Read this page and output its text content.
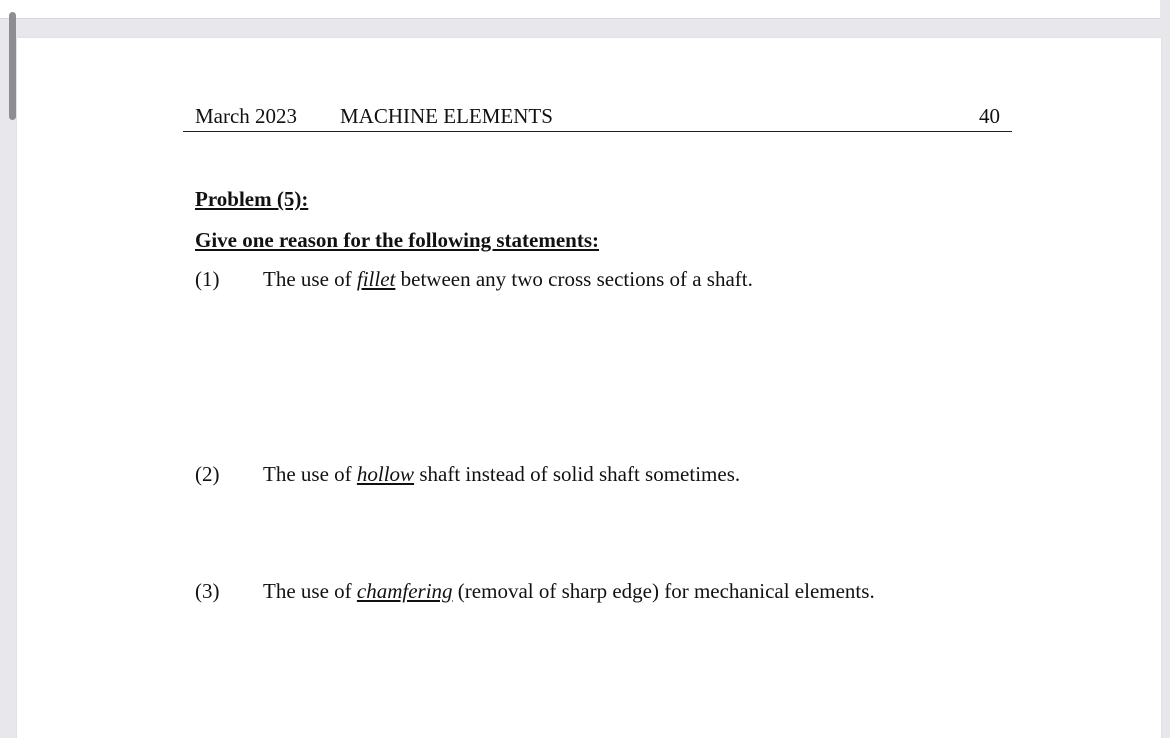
March 2023 MACHINE ELEMENTS	40
Problem (5):
Give one reason for the following statements:
(1) The use of fillet between any two cross sections of a shaft.
(2) The use of hollow shaft instead of solid shaft sometimes.
(3) The use of chamfering (removal of sharp edge) for mechanical elements.
